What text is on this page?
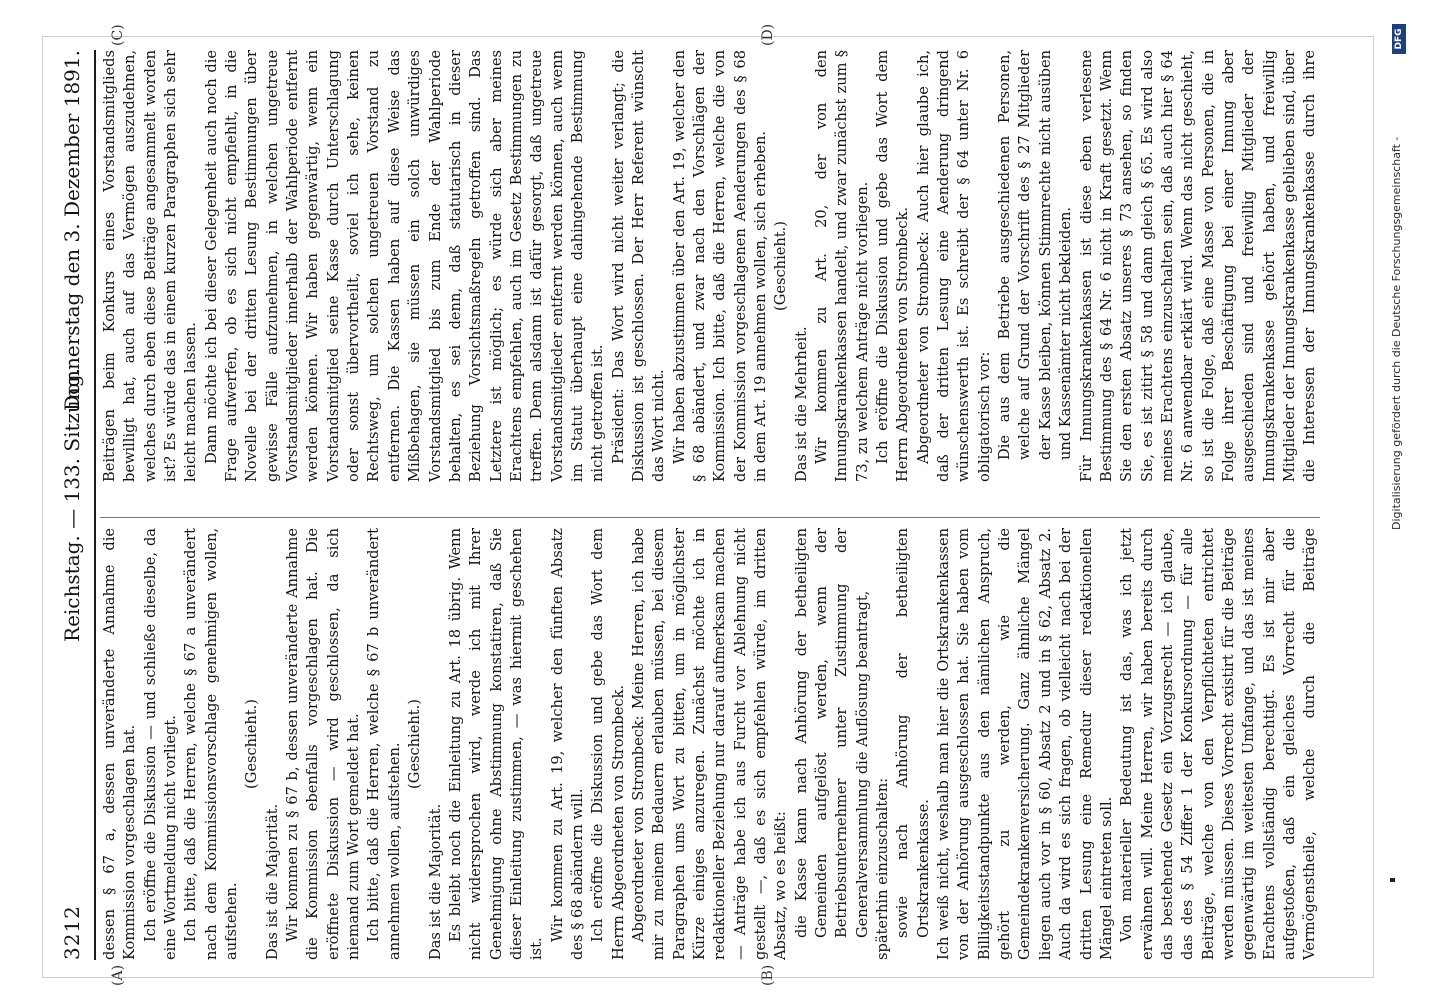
3212
Reichstag. — 133. Sitzung.
Donnerstag den 3. Dezember 1891.
(A)	(B)
(C)	(D)

dessen § 67 a, dessen unveränderte Annahme die Kommission vorgeschlagen hat. Ich eröffne die Diskussion — und schließe dieselbe, da eine Wortmeldung nicht vorliegt. Ich bitte, daß die Herren, welche § 67 a unverändert nach dem Kommissionsvorschlage genehmigen wollen, aufstehen.

(Geschieht.)

Das ist die Majorität. Wir kommen zu § 67 b, dessen unveränderte Annahme die Kommission ebenfalls vorgeschlagen hat. Die eröffnete Diskussion — wird geschlossen, da sich niemand zum Wort gemeldet hat. Ich bitte, daß die Herren, welche § 67 b unverändert annehmen wollen, aufstehen. (Geschieht.)

Das ist die Majorität. Es bleibt noch die Einleitung zu Art. 18 übrig. Wenn nicht widersprochen wird, werde ich mit Ihrer Genehmigung ohne Abstimmung konstatiren, daß Sie dieser Einleitung zustimmen, — was hiermit geschehen ist.

Wir kommen zu Art. 19, welcher den fünften Absatz des § 68 abändern will. Ich eröffne die Diskussion und gebe das Wort dem Herrn Abgeordneten von Strombeck. Abgeordneter von Strombeck: Meine Herren, ich habe mir zu meinem Bedauern erlauben müssen, bei diesem Paragraphen ums Wort zu bitten, um in möglichster Kürze einiges anzuregen. Zunächst möchte ich in redaktioneller Beziehung nur darauf aufmerksam machen — Anträge habe ich aus Furcht vor Ablehnung nicht gestellt —, daß es sich empfehlen würde, im dritten Absatz, wo es heißt: die Kasse kann nach Anhörung der betheiligten Gemeinden aufgelöst werden, wenn der Betriebsunternehmer unter Zustimmung der Generalversammlung die Auflösung beantragt, späterhin einzuschalten: sowie nach Anhörung der betheiligten Ortskrankenkasse. Ich weiß nicht, weshalb man hier die Ortskrankenkassen von der Anhörung ausgeschlossen hat. Sie haben vom Billigkeitsstandpunkte aus den nämlichen Anspruch, gehört zu werden, wie die Gemeindekrankenversicherung. Ganz ähnliche Mängel liegen auch vor in § 60, Absatz 2 und in § 62, Absatz 2. Auch da wird es sich fragen, ob vielleicht nach bei der dritten Lesung eine Remedur dieser redaktionellen Mängel eintreten soll. Von materieller Bedeutung ist das, was ich jetzt erwähnen will. Meine Herren, wir haben bereits durch das bestehende Gesetz ein Vorzugsrecht — ich glaube, das des § 54 Ziffer 1 der Konkursordnung — für alle Beiträge, welche von den Verpflichteten entrichtet werden müssen. Dieses Vorrecht existirt für die Beiträge gegenwärtig im weitesten Umfange, und das ist meines Erachtens vollständig berechtigt. Es ist mir aber aufgestoßen, daß ein gleiches Vorrecht für die Vermögenstheile, welche durch die Beiträge

Beiträgen beim Konkurs eines Vorstandsmitglieds bewilligt hat, auch auf das Vermögen auszudehnen, welches durch eben diese Beiträge angesammelt worden ist? Es würde das in einem kurzen Paragraphen sich sehr leicht machen lassen. Dann möchte ich bei dieser Gelegenheit auch noch die Frage aufwerfen, ob es sich nicht empfiehlt, in die Novelle bei der dritten Lesung Bestimmungen über gewisse Fälle aufzunehmen, in welchen ungetreue Vorstandsmitglieder innerhalb der Wahlperiode entfernt werden können. Wir haben gegenwärtig, wenn ein Vorstandsmitglied seine Kasse durch Unterschlagung oder sonst übervortheilt, soviel ich sehe, keinen Rechtsweg, um solchen ungetreuen Vorstand zu entfernen. Die Kassen haben auf diese Weise das Mißbehagen, sie müssen ein solch unwürdiges Vorstandsmitglied bis zum Ende der Wahlperiode behalten, es sei denn, daß statutarisch in dieser Beziehung Vorsichtsmaßregeln getroffen sind. Das Letztere ist möglich; es würde sich aber meines Erachtens empfehlen, auch im Gesetz Bestimmungen zu treffen. Denn alsdann ist dafür gesorgt, daß ungetreue Vorstandsmitglieder entfernt werden können, auch wenn im Statut überhaupt eine dahingehende Bestimmung nicht getroffen ist. Präsident: Das Wort wird nicht weiter verlangt; die Diskussion ist geschlossen. Der Herr Referent wünscht das Wort nicht. Wir haben abzustimmen über den Art. 19, welcher den § 68 abändert, und zwar nach den Vorschlägen der Kommission. Ich bitte, daß die Herren, welche die von der Kommission vorgeschlagenen Aenderungen des § 68 in dem Art. 19 annehmen wollen, sich erheben. (Geschieht.)

Das ist die Mehrheit. Wir kommen zu Art. 20, der von den Innungskrankenkassen handelt, und zwar zunächst zum § 73, zu welchem Anträge nicht vorliegen. Ich eröffne die Diskussion und gebe das Wort dem Herrn Abgeordneten von Strombeck. Abgeordneter von Strombeck: Auch hier glaube ich, daß der dritten Lesung eine Aenderung dringend wünschenswerth ist. Es schreibt der § 64 unter Nr. 6 obligatorisch vor: Die aus dem Betriebe ausgeschiedenen Personen, welche auf Grund der Vorschrift des § 27 Mitglieder der Kasse bleiben, können Stimmrechte nicht ausüben und Kassenämter nicht bekleiden.

Für Innungskrankenkassen ist diese eben verlesene Bestimmung des § 64 Nr. 6 nicht in Kraft gesetzt. Wenn Sie den ersten Absatz unseres § 73 ansehen, so finden Sie, es ist zitirt § 58 und dann gleich § 65. Es wird also meines Erachtens einzuschalten sein, daß auch hier § 64 Nr. 6 anwendbar erklärt wird. Wenn das nicht geschieht, so ist die Folge, daß eine Masse von Personen, die in Folge ihrer Beschäftigung bei einer Innung aber ausgeschieden sind und freiwillig Mitglieder der Innungskrankenkasse gehört haben, und freiwillig Mitglieder der Innungskrankenkasse geblieben sind, über die Interessen der Innungskrankenkasse durch ihre

Digitalisierung gefördert durch die Deutsche Forschungsgemeinschaft -
DFG
